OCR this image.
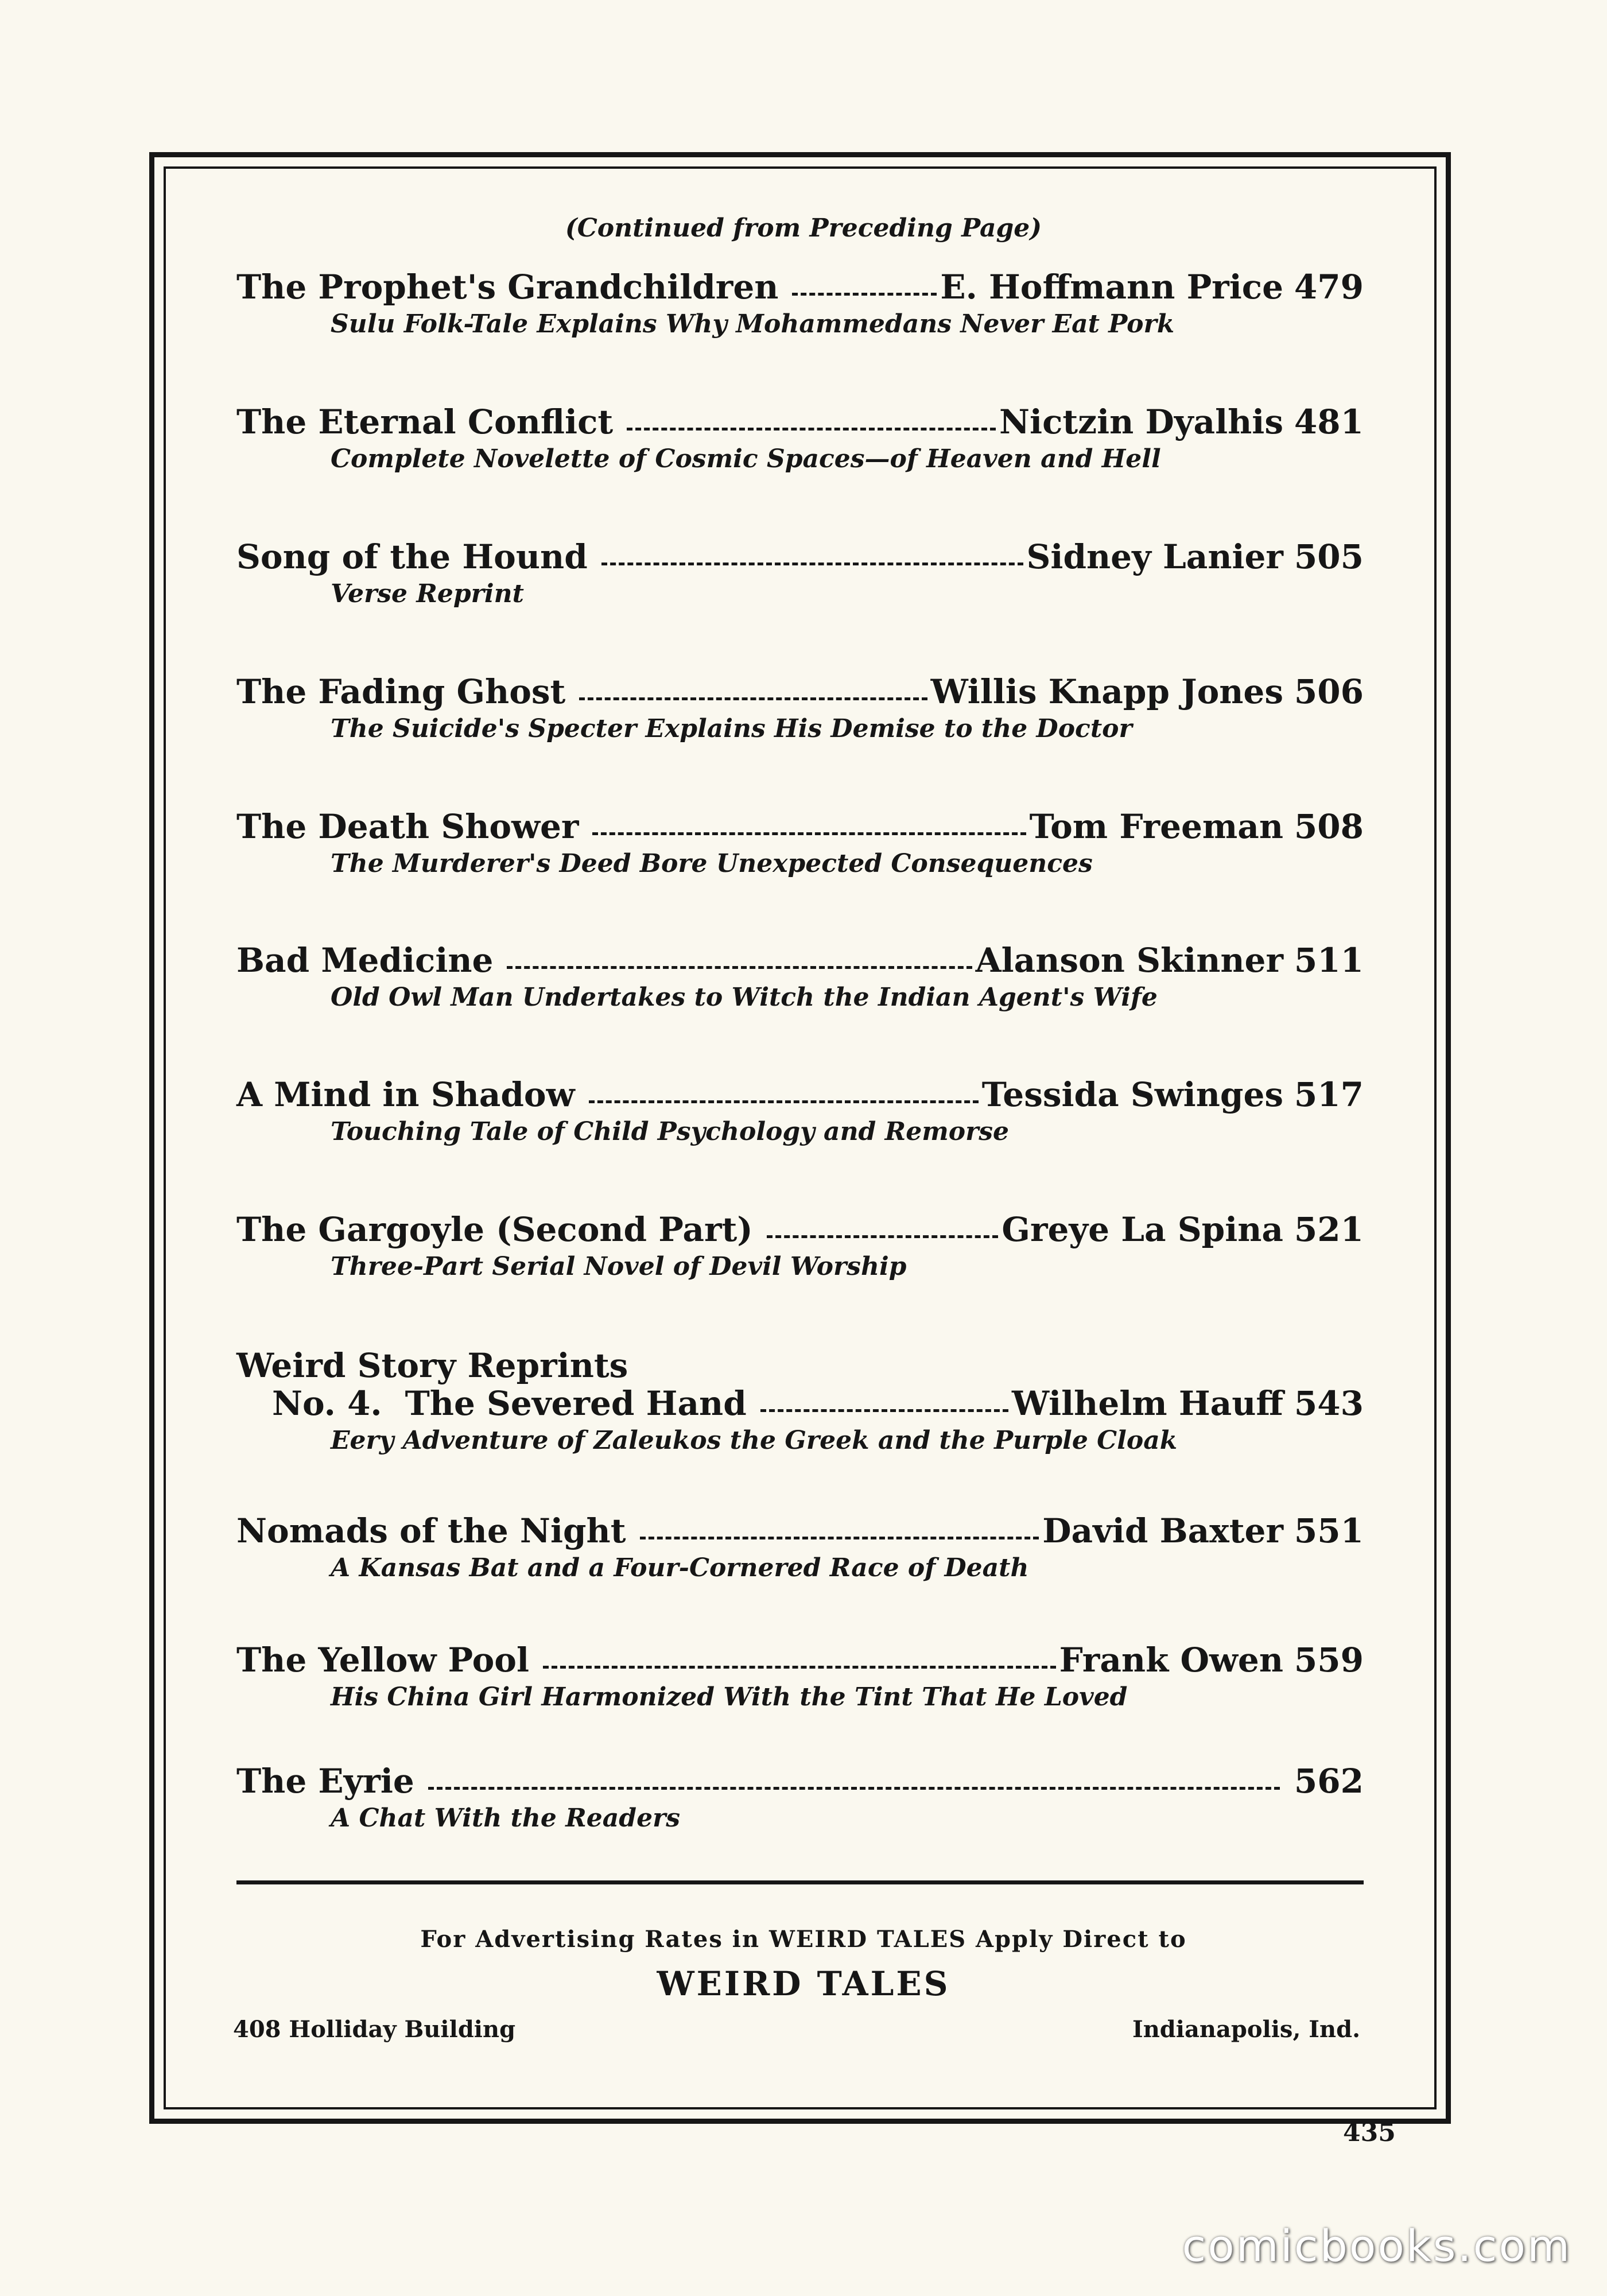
(Continued from Preceding Page)
The Prophet's Grandchildren	E. Hoffmann Price 479
Sulu Folk-Tale Explains Why Mohammedans Never Eat Pork
The Eternal Conflict	Nictzin Dyalhis 481
Complete Novelette of Cosmic Spaces—of Heaven and Hell
Song of the Hound	Sidney Lanier 505
Verse Reprint
The Fading Ghost	Willis Knapp Jones 506
The Suicide's Specter Explains His Demise to the Doctor
The Death Shower	Tom Freeman 508
The Murderer's Deed Bore Unexpected Consequences
Bad Medicine	Alanson Skinner 511
Old Owl Man Undertakes to Witch the Indian Agent's Wife
A Mind in Shadow	Tessida Swinges 517
Touching Tale of Child Psychology and Remorse
The Gargoyle (Second Part)	Greye La Spina 521
Three-Part Serial Novel of Devil Worship
Weird Story Reprints
No. 4. The Severed Hand	Wilhelm Hauff 543
Eery Adventure of Zaleukos the Greek and the Purple Cloak
Nomads of the Night	David Baxter 551
A Kansas Bat and a Four-Cornered Race of Death
The Yellow Pool	Frank Owen 559
His China Girl Harmonized With the Tint That He Loved
The Eyrie	562
A Chat With the Readers
For Advertising Rates in WEIRD TALES Apply Direct to
WEIRD TALES
408 Holliday Building	Indianapolis, Ind.
435
comicbooks.com
